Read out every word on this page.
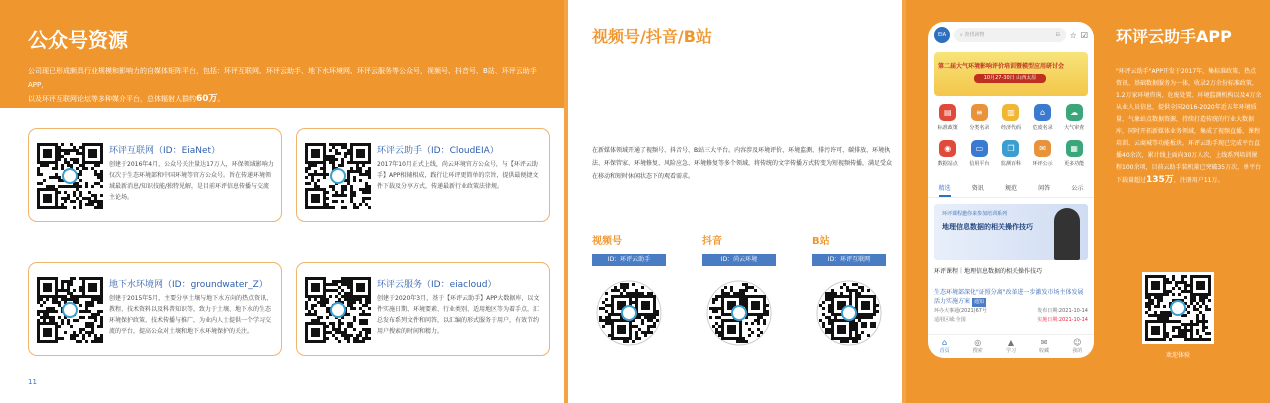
公众号资源
公司现已形成颇具行业规模和影响力的自媒体矩阵平台，包括：环评互联网、环评云助手、地下水环境网、环评云服务等公众号，视频号、抖音号、B站、环评云助手APP，
以及环评互联网论坛等多种媒介平台，总体辐射人群约60万。
环评互联网（ID：EiaNet）

创建于2016年4月，公众号关注量达17万人，环保领域影响力仅次于生态环境部和中国环境等官方公众号。旨在传递环境领域最新消息/知识技能/独特见解，是目前环评信息传播与交流主论场。

环评云助手（ID：CloudEIA）

2017年10月正式上线，尚云环境官方公众号，与【环评云助手】APP相辅相成，践行让环评更简单的宗旨，提供最便捷文件下载及分享方式，传递最新行业政策法律规。

地下水环境网（ID：groundwater_Z）

创建于2015年5月，主要分享土壤与地下水方向的热点资讯、教程、技术资料以及科普知识等，致力于土壤、地下水的生态环境保护政策、技术传播与推广，为业内人士提供一个学习交流的平台，提高公众对土壤和地下水环境保护的关注。

环评云服务（ID：eiacloud）

创建于2020年3月，基于【环评云助手】APP大数据库，以文件实施日期、环境要素、行业类别、适用地区等为着手点，汇总发布系列文件和问答，以汇编的形式服务于用户，有效节约用户搜索的时间和精力。

11
视频号/抖音/B站
在新媒体领域开通了视频号、抖音号、B站三大平台。内容涉及环境评价、环境监测、排污许可、碳排放、环境执法、环保管家、环境修复、风险应急、环境修复等多个领域，将传统的文字传播方式转变为短视频传播，满足受众在移动和短时休闲状态下的观看需求。
视频号
ID：环评云助手
抖音
ID：尚云环境
B站
ID：环评互联网
EIA	⌕ 查找读物	⊟ ☆ ☑
第二届大气环境影响评价培训暨模型应用研讨会
10月27-30日 山西太原
▤
标准政策
≡
分类名录
▥
经济代码
⌂
危废名录
☁
大气审查
◉
数据站点
▭
信用平台
❐
监测百科
✉
环评公示
▦
更多功能
精选	资讯	规范	问答	公示
环评课程邀你来参加培训系列
地理信息数据的相关操作技巧
环评课程｜地理信息数据的相关操作技巧
生态环境部深化"证照分离"改革进一步激发市场主体发展活力实施方案 通知
环办大事通(2021)67号	发布日期:2021-10-14
适用区域:全国	实施日期:2021-10-14
⌂
首页
◎
搜索
▲
学习
✉
收藏
☺
我的
环评云助手APP
"环评云助手"APP开发于2017年，集标准政策、热点资讯、基础数据服务为一体，收录2万余份标准政策，1.2万家环境咨询、危废处置、环境监测机构以及4万余从业人员信息，提供全国2016-2020年近五年环境质量、气象站点数据资源，持续打造传统的行业大数据库，同时开拓新媒体业务领域，集成了视频直播、课程培训、云商城等功能板块。环评云助手现已完成平台直播40余次，累计线上面向30万人次，上线系列培训课程100余项，目前云助手装机量已突破35万次，单平台下载量超过135万，注册用户11万。
欢迎体验
